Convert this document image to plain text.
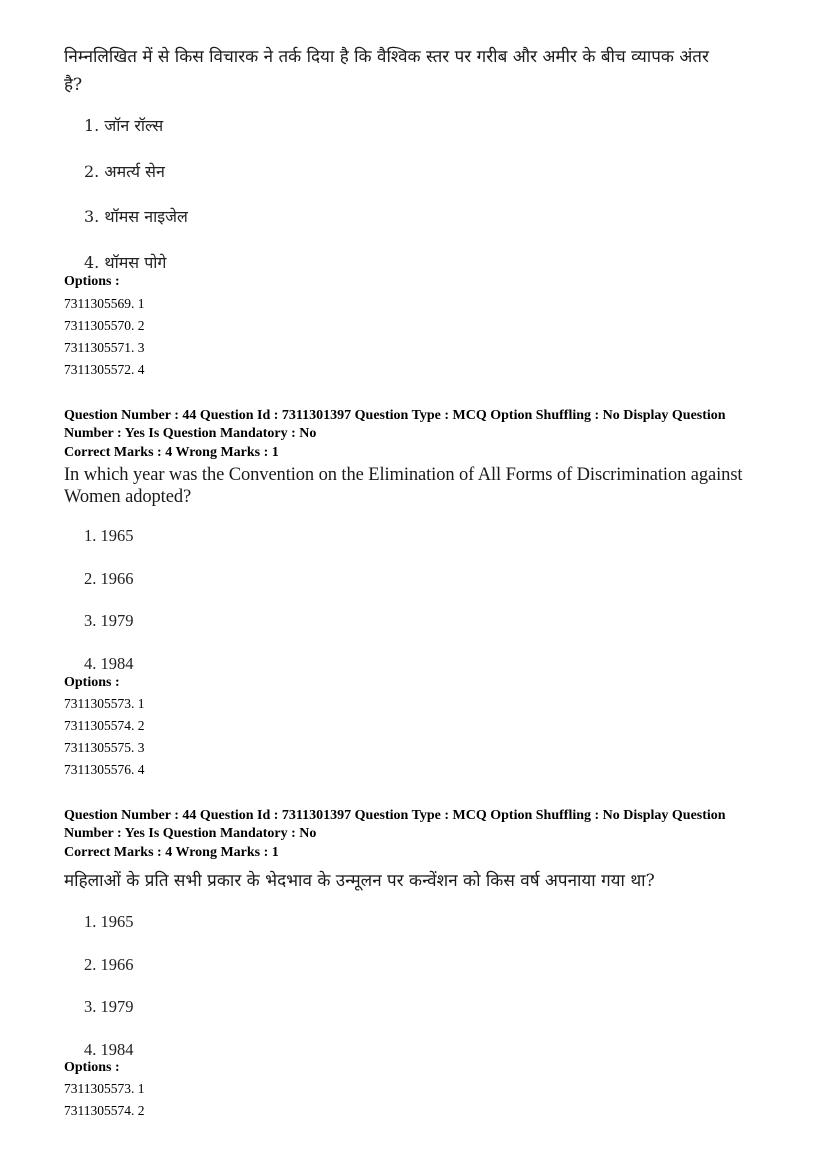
निम्नलिखित में से किस विचारक ने तर्क दिया है कि वैश्विक स्तर पर गरीब और अमीर के बीच व्यापक अंतर
है?
1. जॉन रॉल्स
2. अमर्त्य सेन
3. थॉमस नाइजेल
4. थॉमस पोगे
Options :
7311305569. 1
7311305570. 2
7311305571. 3
7311305572. 4
Question Number : 44 Question Id : 7311301397 Question Type : MCQ Option Shuffling : No Display Question
Number : Yes Is Question Mandatory : No
Correct Marks : 4 Wrong Marks : 1
In which year was the Convention on the Elimination of All Forms of Discrimination against
Women adopted?
1. 1965
2. 1966
3. 1979
4. 1984
Options :
7311305573. 1
7311305574. 2
7311305575. 3
7311305576. 4
Question Number : 44 Question Id : 7311301397 Question Type : MCQ Option Shuffling : No Display Question
Number : Yes Is Question Mandatory : No
Correct Marks : 4 Wrong Marks : 1
महिलाओं के प्रति सभी प्रकार के भेदभाव के उन्मूलन पर कन्वेंशन को किस वर्ष अपनाया गया था?
1. 1965
2. 1966
3. 1979
4. 1984
Options :
7311305573. 1
7311305574. 2
